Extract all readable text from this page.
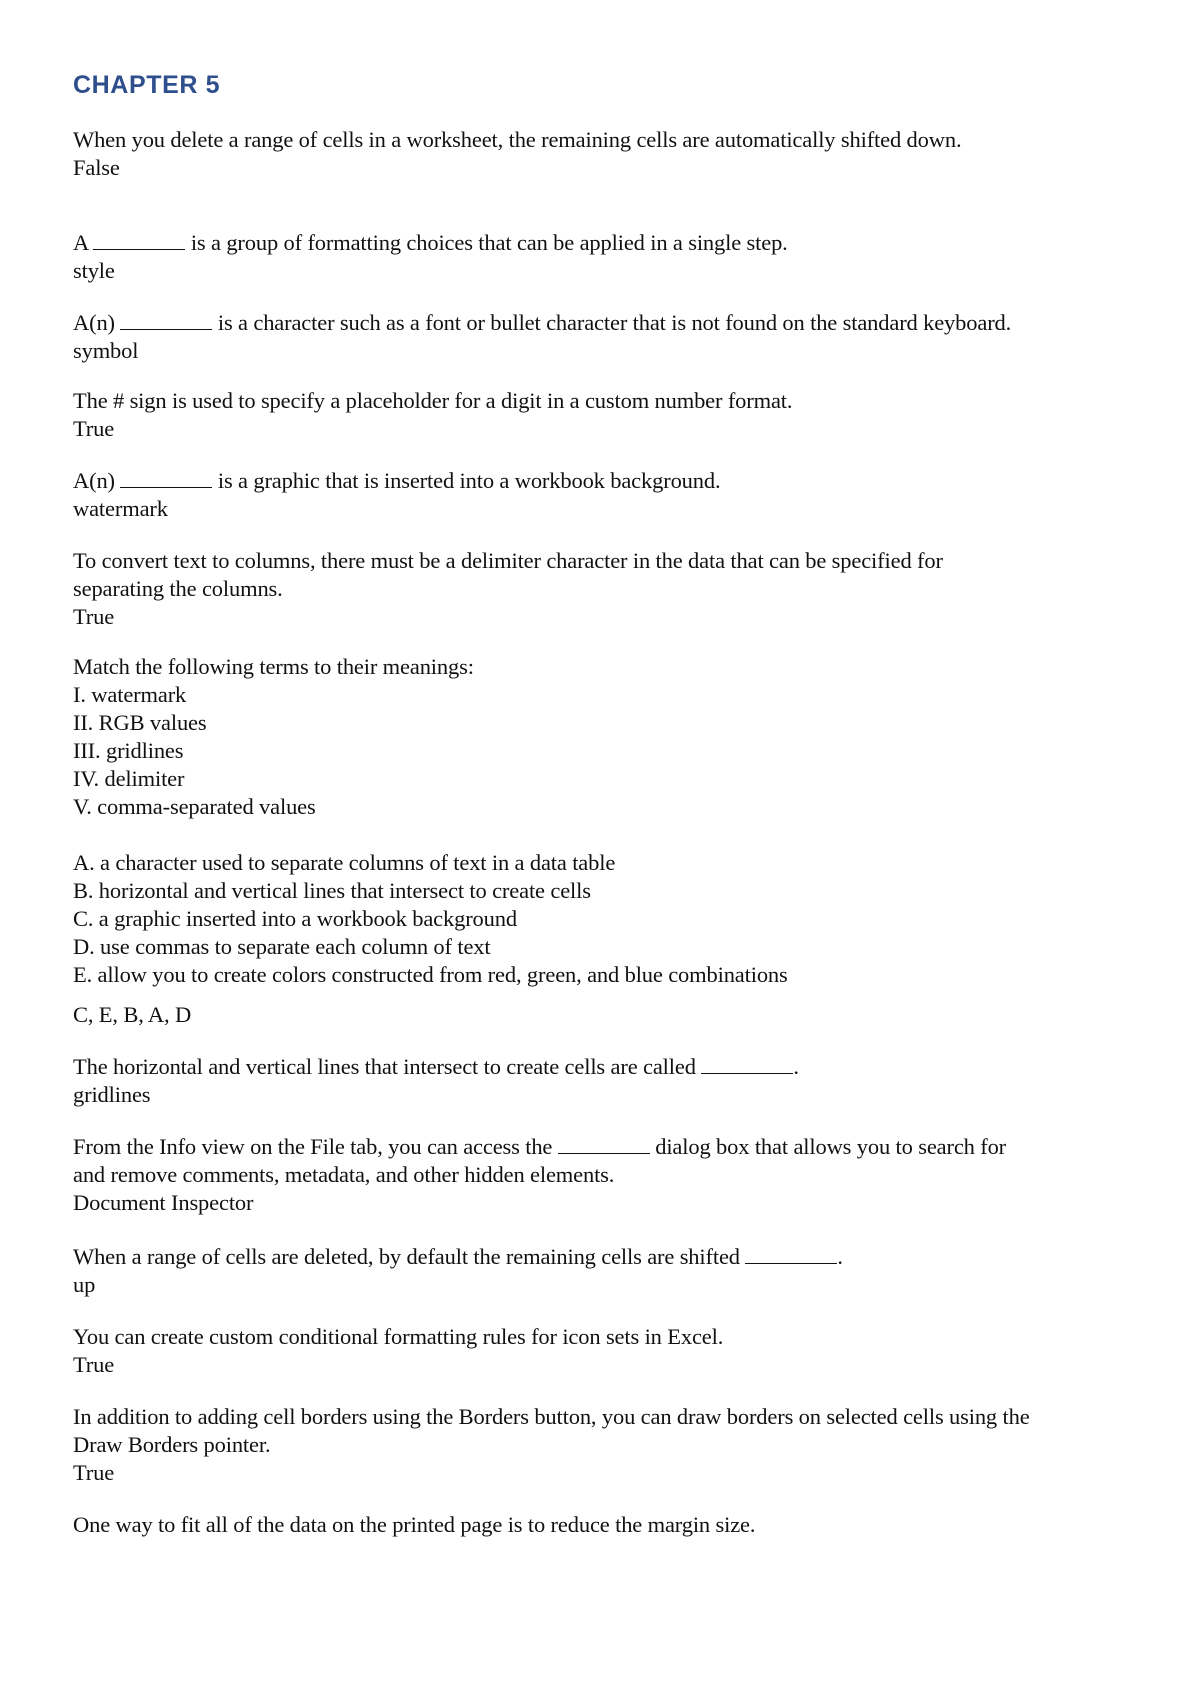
CHAPTER 5

When you delete a range of cells in a worksheet, the remaining cells are automatically shifted down.

False

A	is a group of formatting choices that can be applied in a single step.

style

A(n)	is a character such as a font or bullet character that is not found on the standard keyboard.

symbol

The # sign is used to specify a placeholder for a digit in a custom number format.

True

A(n)	is a graphic that is inserted into a workbook background.

watermark

To convert text to columns, there must be a delimiter character in the data that can be specified for

separating the columns.

True

Match the following terms to their meanings:

I. watermark

II. RGB values

III. gridlines

IV. delimiter

V. comma-separated values

A. a character used to separate columns of text in a data table

B. horizontal and vertical lines that intersect to create cells

C. a graphic inserted into a workbook background

D. use commas to separate each column of text

E. allow you to create colors constructed from red, green, and blue combinations

C, E, B, A, D

The horizontal and vertical lines that intersect to create cells are called	.

gridlines

From the Info view on the File tab, you can access the	dialog box that allows you to search for

and remove comments, metadata, and other hidden elements.

Document Inspector

When a range of cells are deleted, by default the remaining cells are shifted	.

up

You can create custom conditional formatting rules for icon sets in Excel.

True

In addition to adding cell borders using the Borders button, you can draw borders on selected cells using the

Draw Borders pointer.

True

One way to fit all of the data on the printed page is to reduce the margin size.
